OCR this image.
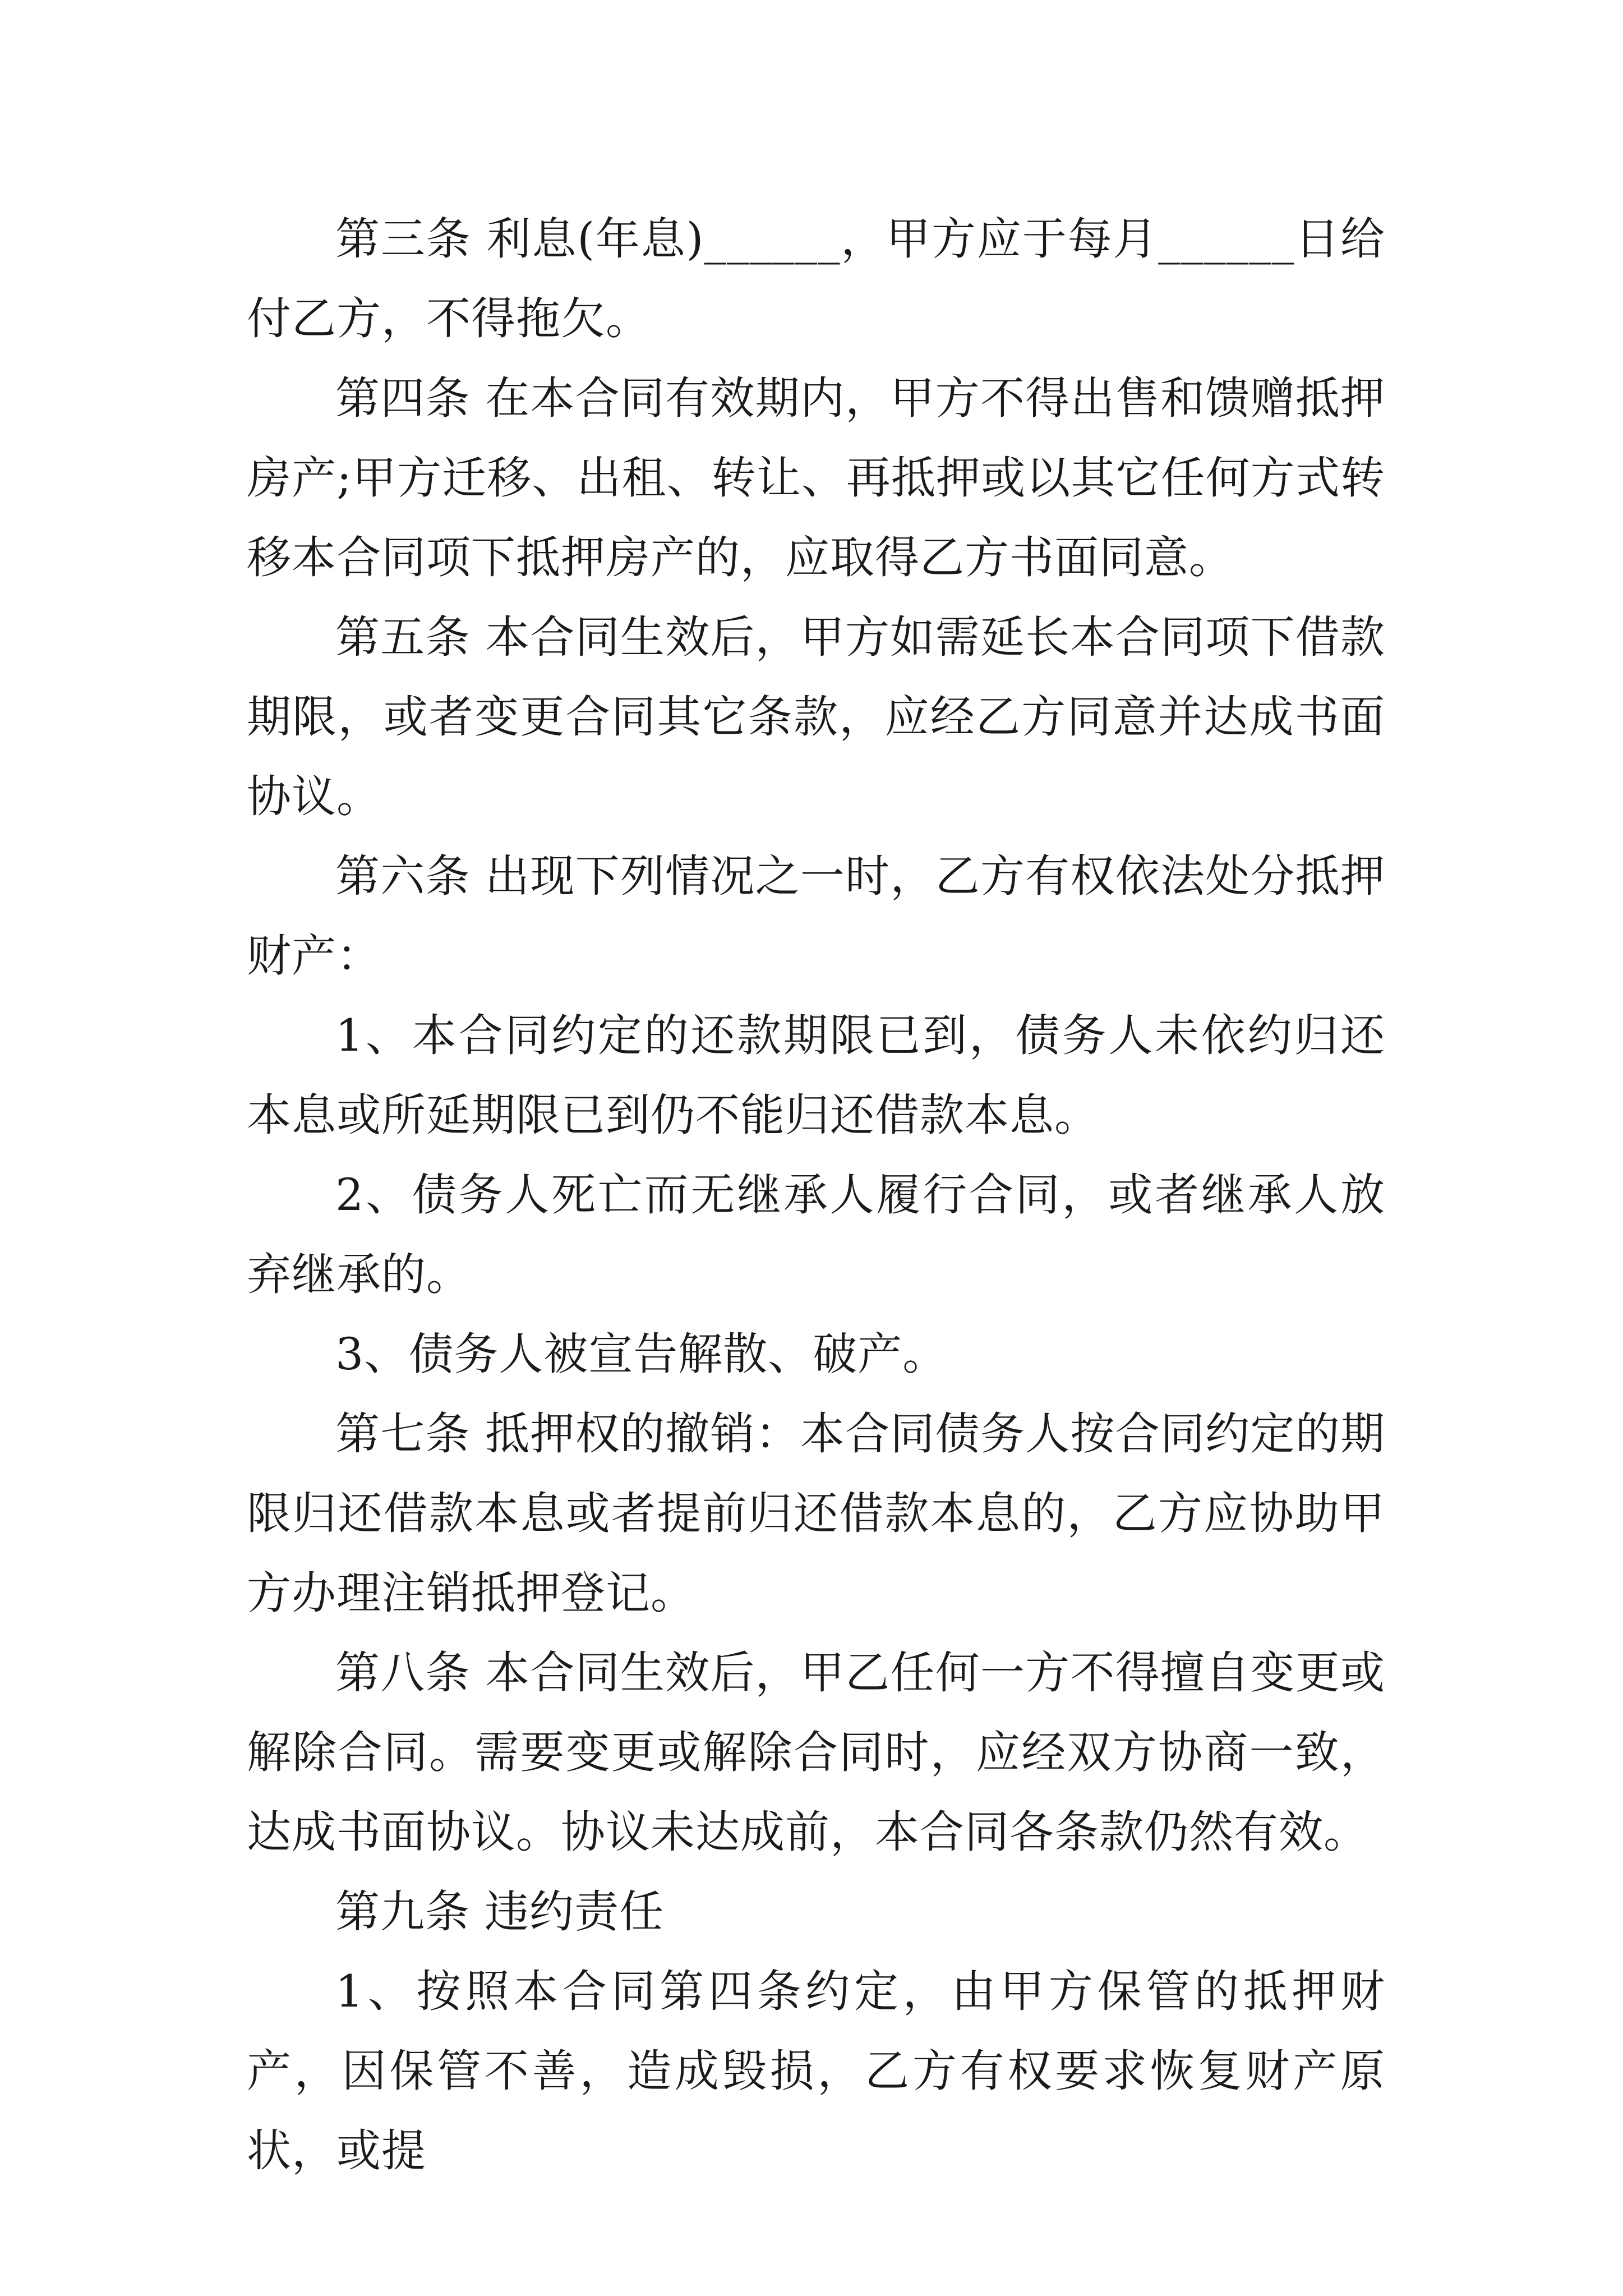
第三条 利息(年息)______，甲方应于每月______日给付乙方，不得拖欠。

第四条 在本合同有效期内，甲方不得出售和馈赠抵押房产;甲方迁移、出租、转让、再抵押或以其它任何方式转移本合同项下抵押房产的，应取得乙方书面同意。

第五条 本合同生效后，甲方如需延长本合同项下借款期限，或者变更合同其它条款，应经乙方同意并达成书面协议。

第六条 出现下列情况之一时，乙方有权依法处分抵押财产：

1、本合同约定的还款期限已到，债务人未依约归还本息或所延期限已到仍不能归还借款本息。

2、债务人死亡而无继承人履行合同，或者继承人放弃继承的。

3、债务人被宣告解散、破产。

第七条 抵押权的撤销：本合同债务人按合同约定的期限归还借款本息或者提前归还借款本息的，乙方应协助甲方办理注销抵押登记。

第八条 本合同生效后，甲乙任何一方不得擅自变更或解除合同。需要变更或解除合同时，应经双方协商一致，达成书面协议。协议未达成前，本合同各条款仍然有效。

第九条 违约责任

1、按照本合同第四条约定，由甲方保管的抵押财产，因保管不善，造成毁损，乙方有权要求恢复财产原状，或提
